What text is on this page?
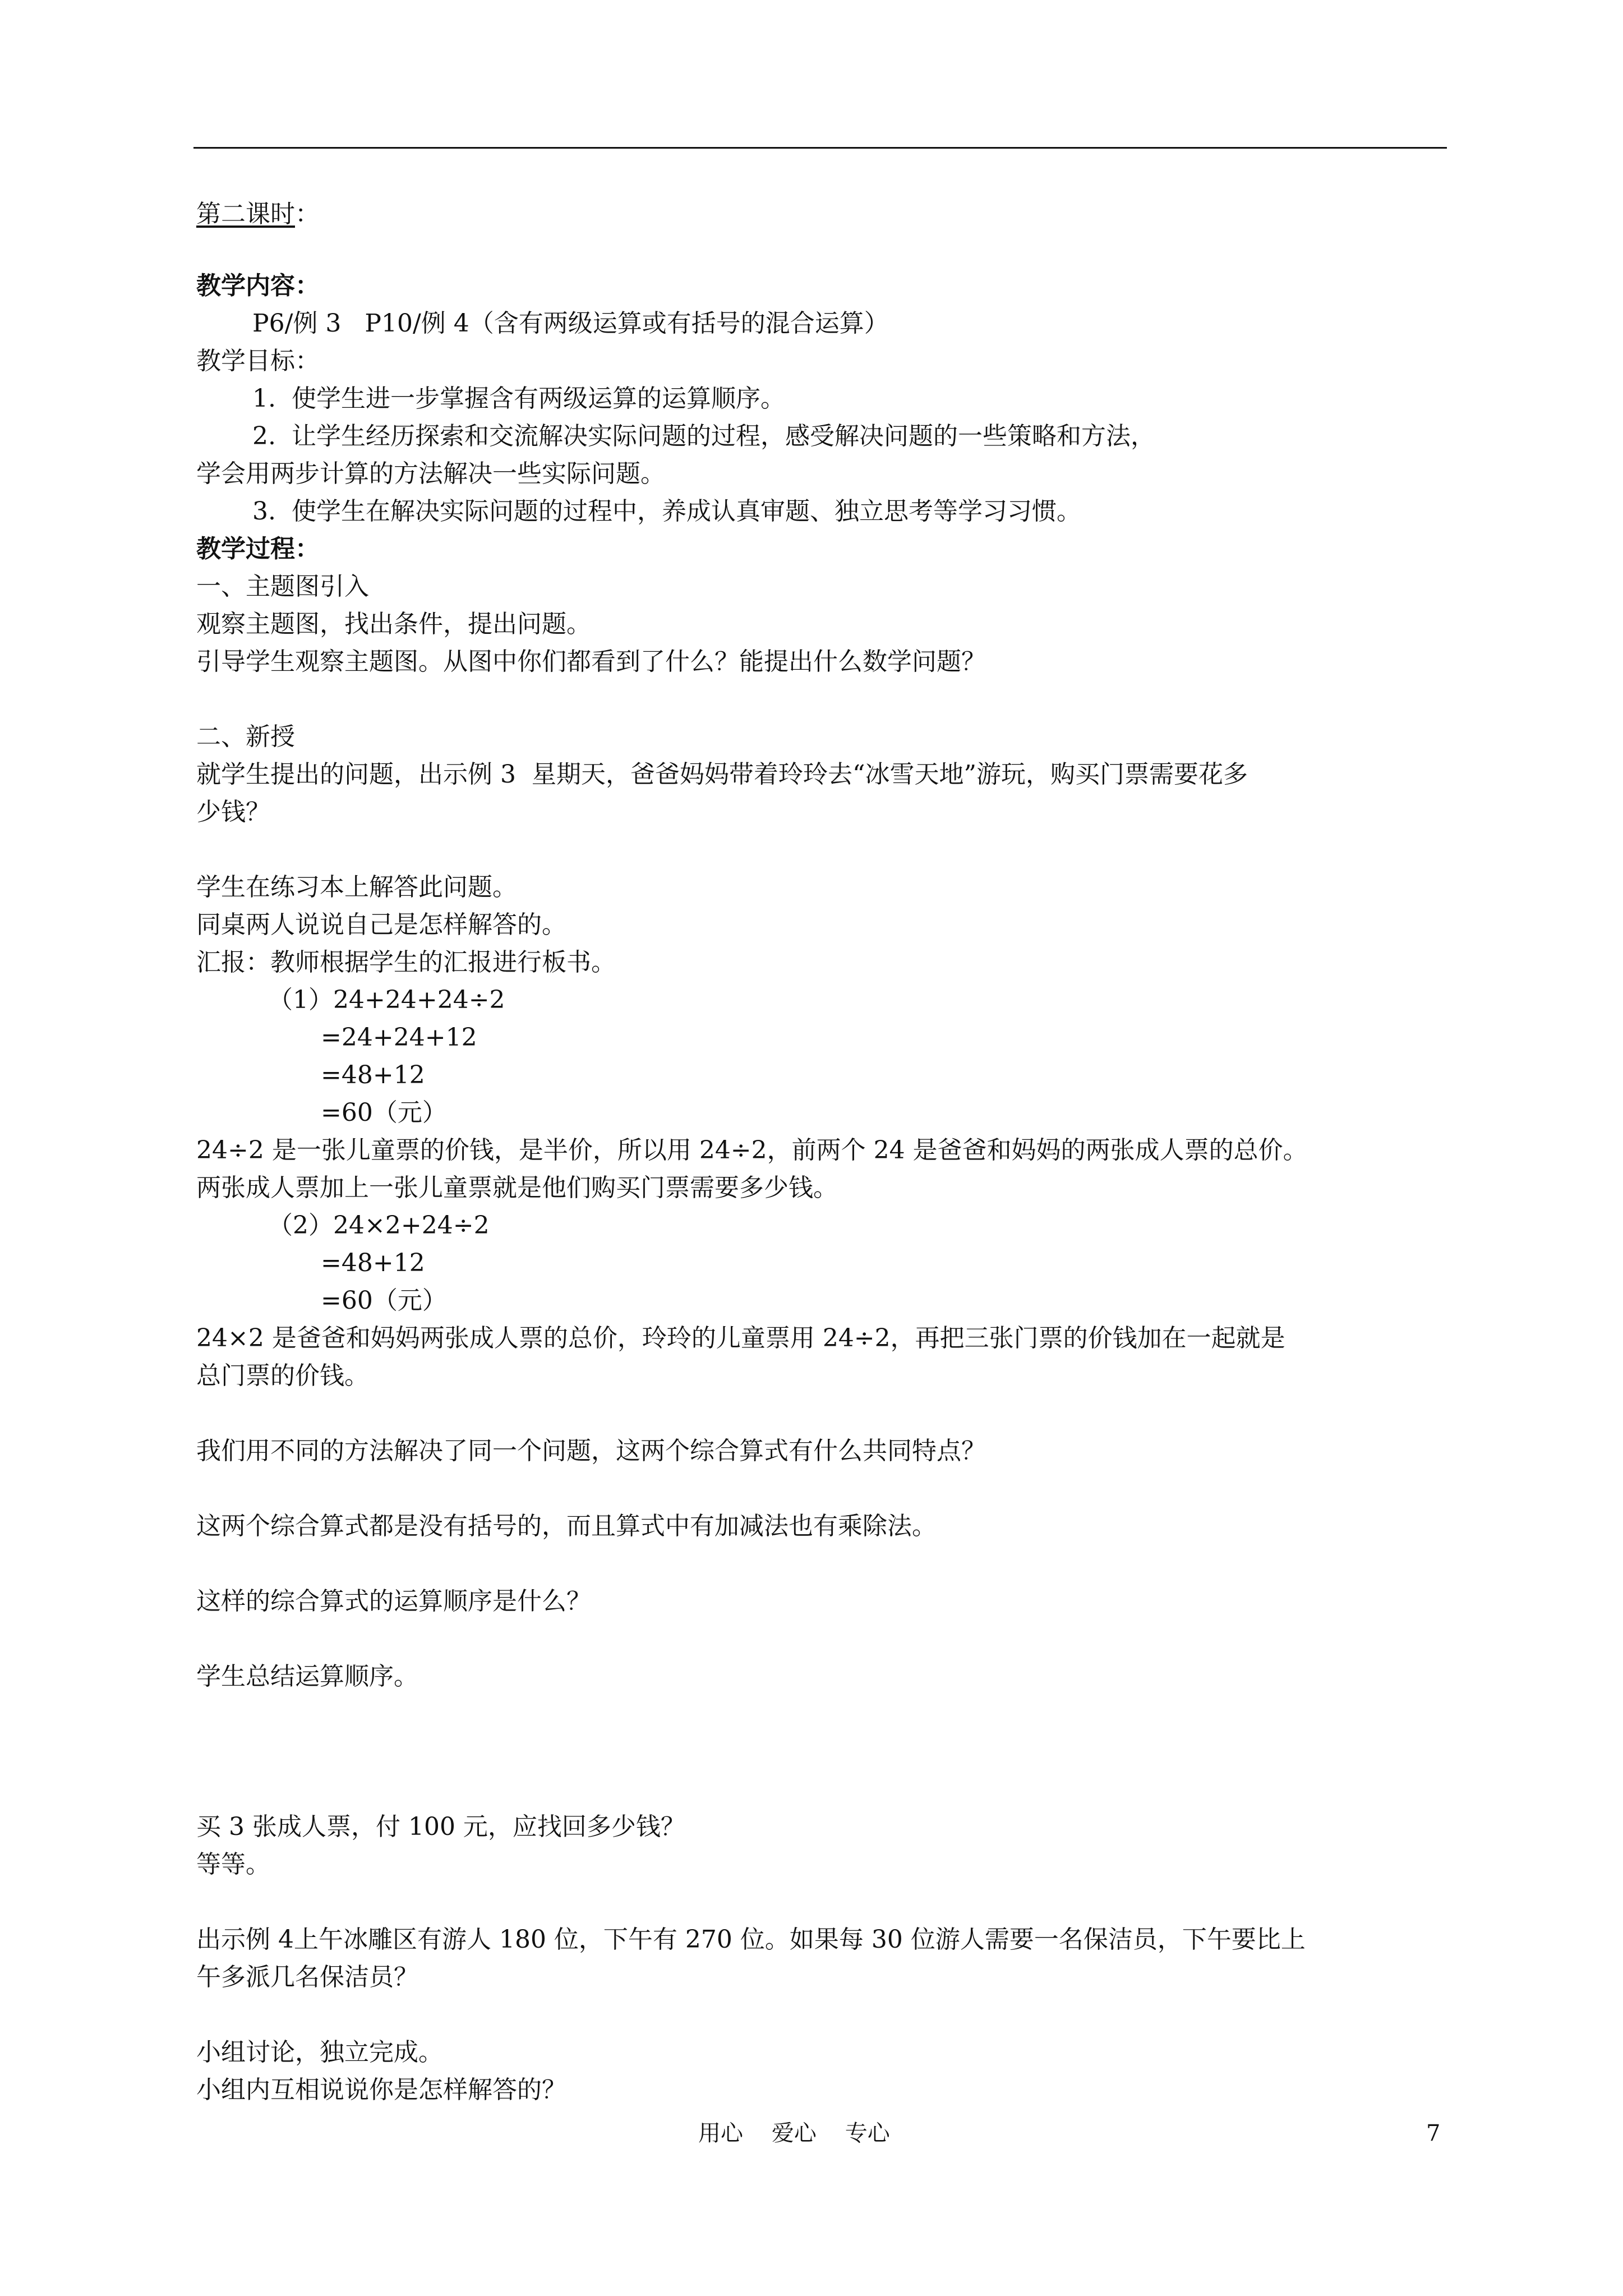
第二课时：
教学内容：
P6/例 3   P10/例 4（含有两级运算或有括号的混合运算）
教学目标：
1.  使学生进一步掌握含有两级运算的运算顺序。
2.  让学生经历探索和交流解决实际问题的过程，感受解决问题的一些策略和方法，
学会用两步计算的方法解决一些实际问题。
3.  使学生在解决实际问题的过程中，养成认真审题、独立思考等学习习惯。
教学过程：
一、主题图引入
观察主题图，找出条件，提出问题。
引导学生观察主题图。从图中你们都看到了什么？能提出什么数学问题？
二、新授
就学生提出的问题，出示例 3  星期天，爸爸妈妈带着玲玲去“冰雪天地”游玩，购买门票需要花多
少钱？
学生在练习本上解答此问题。
同桌两人说说自己是怎样解答的。
汇报：教师根据学生的汇报进行板书。
（1）24+24+24÷2
=24+24+12
=48+12
=60（元）
24÷2 是一张儿童票的价钱，是半价，所以用 24÷2，前两个 24 是爸爸和妈妈的两张成人票的总价。
两张成人票加上一张儿童票就是他们购买门票需要多少钱。
（2）24×2+24÷2
=48+12
=60（元）
24×2 是爸爸和妈妈两张成人票的总价，玲玲的儿童票用 24÷2，再把三张门票的价钱加在一起就是
总门票的价钱。
我们用不同的方法解决了同一个问题，这两个综合算式有什么共同特点？
这两个综合算式都是没有括号的，而且算式中有加减法也有乘除法。
这样的综合算式的运算顺序是什么？
学生总结运算顺序。
买 3 张成人票，付 100 元，应找回多少钱？
等等。
出示例 4上午冰雕区有游人 180 位，下午有 270 位。如果每 30 位游人需要一名保洁员，下午要比上
午多派几名保洁员？
小组讨论，独立完成。
小组内互相说说你是怎样解答的？
用心    爱心    专心	7
